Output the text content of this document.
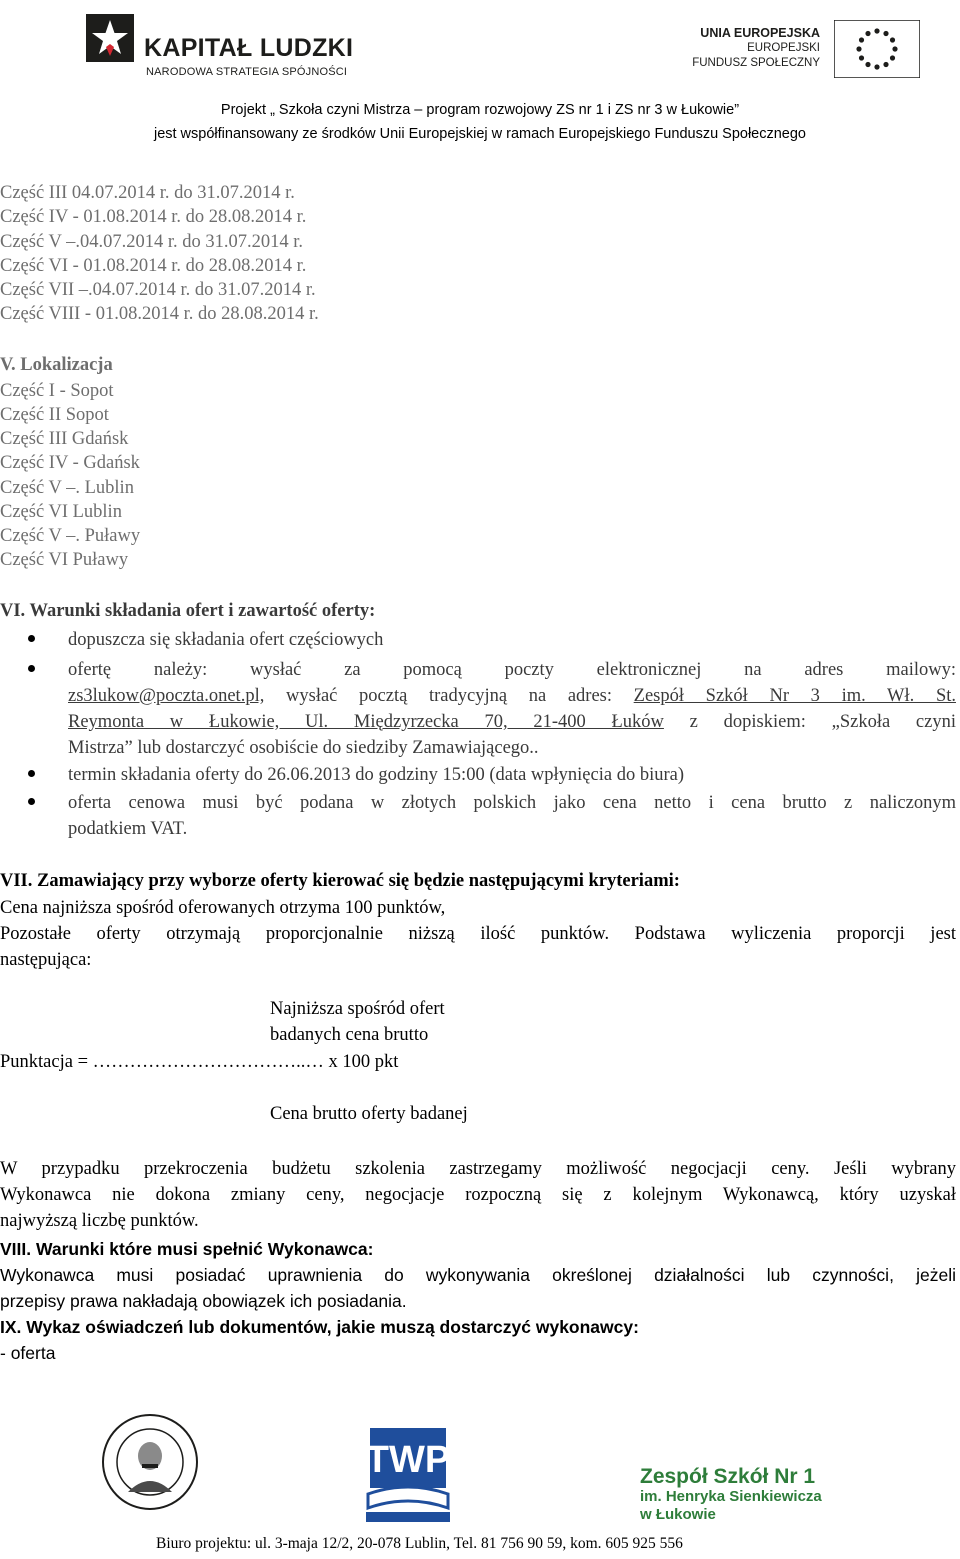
KAPITAŁ LUDZKI
NARODOWA STRATEGIA SPÓJNOŚCI
UNIA EUROPEJSKA
EUROPEJSKI
FUNDUSZ SPOŁECZNY
Projekt „ Szkoła czyni Mistrza – program rozwojowy ZS nr 1 i ZS nr 3 w Łukowie”
jest współfinansowany ze środków Unii Europejskiej w ramach Europejskiego Funduszu Społecznego
Część III 04.07.2014 r. do 31.07.2014 r.
Część IV - 01.08.2014 r. do 28.08.2014 r.
Część V –.04.07.2014 r. do 31.07.2014 r.
Część VI - 01.08.2014 r. do 28.08.2014 r.
Część VII –.04.07.2014 r. do 31.07.2014 r.
Część VIII - 01.08.2014 r. do 28.08.2014 r.
V. Lokalizacja
Część I - Sopot
Część II Sopot
Część III Gdańsk
Część IV - Gdańsk
Część V –. Lublin
Część VI Lublin
Część V –. Puławy
Część VI Puławy
VI. Warunki składania ofert i zawartość oferty:
dopuszcza się składania ofert częściowych
ofertę należy: wysłać za pomocą poczty elektronicznej na adres mailowy:
zs3lukow@poczta.onet.pl, wysłać pocztą tradycyjną na adres: Zespół Szkół Nr 3 im. Wł. St.
Reymonta w Łukowie, Ul. Międzyrzecka 70, 21-400 Łuków z dopiskiem: „Szkoła czyni
Mistrza” lub dostarczyć osobiście do siedziby Zamawiającego..
termin składania oferty do 26.06.2013 do godziny 15:00 (data wpłynięcia do biura)
oferta cenowa musi być podana w złotych polskich jako cena netto i cena brutto z naliczonym
podatkiem VAT.
VII. Zamawiający przy wyborze oferty kierować się będzie następującymi kryteriami:
Cena najniższa spośród oferowanych otrzyma 100 punktów,
Pozostałe oferty otrzymają proporcjonalnie niższą ilość punktów. Podstawa wyliczenia proporcji jest
następująca:
Najniższa spośród ofert
badanych cena brutto
Punktacja = ……………………………..… x 100 pkt
Cena brutto oferty badanej
W przypadku przekroczenia budżetu szkolenia zastrzegamy możliwość negocjacji ceny. Jeśli wybrany
Wykonawca nie dokona zmiany ceny, negocjacje rozpoczną się z kolejnym Wykonawcą, który uzyskał
najwyższą liczbę punktów.
VIII. Warunki które musi spełnić Wykonawca:
Wykonawca musi posiadać uprawnienia do wykonywania określonej działalności lub czynności, jeżeli
przepisy prawa nakładają obowiązek ich posiadania.
IX. Wykaz oświadczeń lub dokumentów, jakie muszą dostarczyć wykonawcy:
- oferta
TWP	Zespół Szkół Nr 1
im. Henryka Sienkiewicza
w Łukowie
Biuro projektu: ul. 3-maja 12/2, 20-078 Lublin, Tel. 81 756 90 59, kom. 605 925 556
